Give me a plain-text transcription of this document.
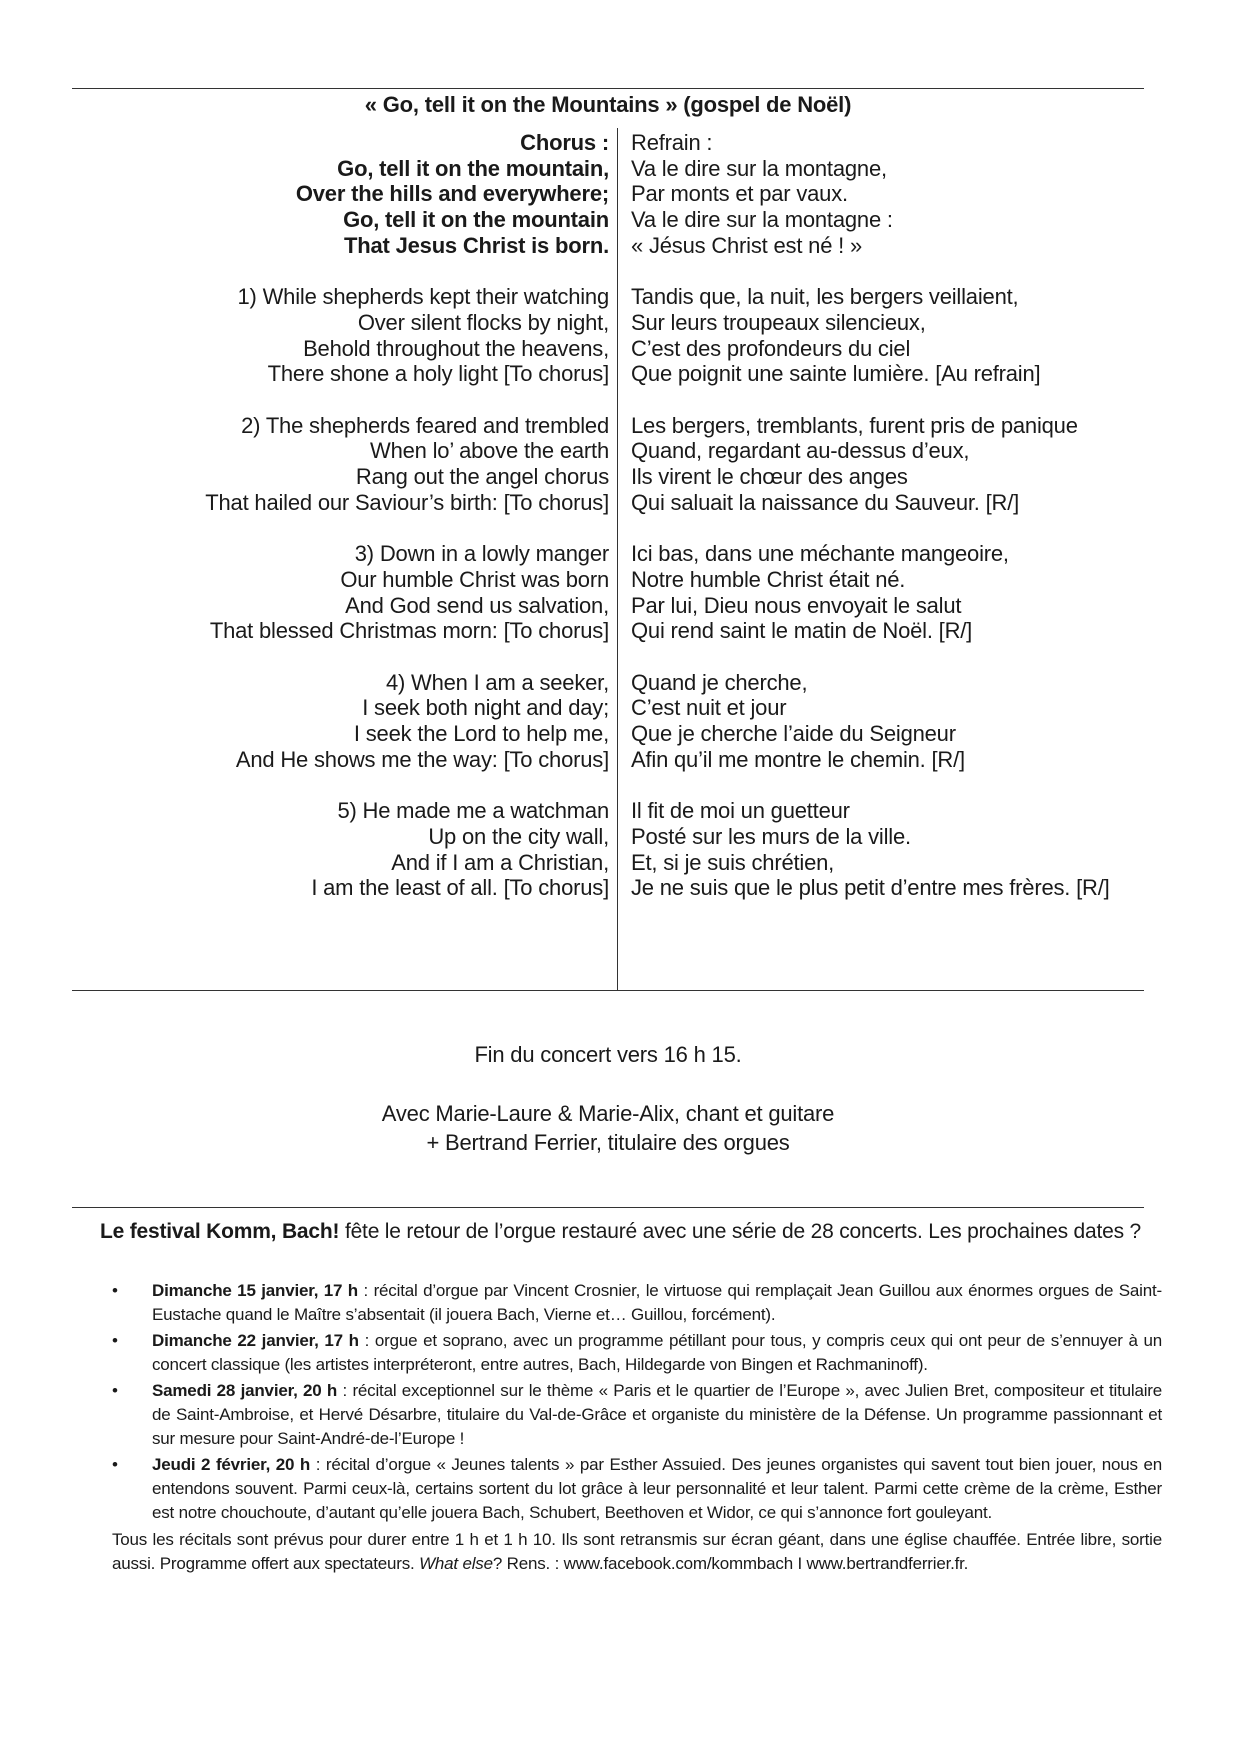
« Go, tell it on the Mountains » (gospel de Noël)
Chorus :
Go, tell it on the mountain,
Over the hills and everywhere;
Go, tell it on the mountain
That Jesus Christ is born.
Refrain :
Va le dire sur la montagne,
Par monts et par vaux.
Va le dire sur la montagne :
« Jésus Christ est né ! »
1) While shepherds kept their watching
Over silent flocks by night,
Behold throughout the heavens,
There shone a holy light [To chorus]
Tandis que, la nuit, les bergers veillaient,
Sur leurs troupeaux silencieux,
C’est des profondeurs du ciel
Que poignit une sainte lumière. [Au refrain]
2) The shepherds feared and trembled
When lo’ above the earth
Rang out the angel chorus
That hailed our Saviour’s birth: [To chorus]
Les bergers, tremblants, furent pris de panique
Quand, regardant au-dessus d’eux,
Ils virent le chœur des anges
Qui saluait la naissance du Sauveur. [R/]
3) Down in a lowly manger
Our humble Christ was born
And God send us salvation,
That blessed Christmas morn: [To chorus]
Ici bas, dans une méchante mangeoire,
Notre humble Christ était né.
Par lui, Dieu nous envoyait le salut
Qui rend saint le matin de Noël. [R/]
4) When I am a seeker,
I seek both night and day;
I seek the Lord to help me,
And He shows me the way: [To chorus]
Quand je cherche,
C’est nuit et jour
Que je cherche l’aide du Seigneur
Afin qu’il me montre le chemin. [R/]
5) He made me a watchman
Up on the city wall,
And if I am a Christian,
I am the least of all. [To chorus]
Il fit de moi un guetteur
Posté sur les murs de la ville.
Et, si je suis chrétien,
Je ne suis que le plus petit d’entre mes frères. [R/]
Fin du concert vers 16 h 15.
Avec Marie-Laure & Marie-Alix, chant et guitare
+ Bertrand Ferrier, titulaire des orgues
Le festival Komm, Bach! fête le retour de l’orgue restauré avec une série de 28 concerts. Les prochaines dates ?
• Dimanche 15 janvier, 17 h : récital d’orgue par Vincent Crosnier, le virtuose qui remplaçait Jean Guillou aux énormes orgues de Saint-Eustache quand le Maître s’absentait (il jouera Bach, Vierne et… Guillou, forcément).
• Dimanche 22 janvier, 17 h : orgue et soprano, avec un programme pétillant pour tous, y compris ceux qui ont peur de s’ennuyer à un concert classique (les artistes interpréteront, entre autres, Bach, Hildegarde von Bingen et Rachmaninoff).
• Samedi 28 janvier, 20 h : récital exceptionnel sur le thème « Paris et le quartier de l’Europe », avec Julien Bret, compositeur et titulaire de Saint-Ambroise, et Hervé Désarbre, titulaire du Val-de-Grâce et organiste du ministère de la Défense. Un programme passionnant et sur mesure pour Saint-André-de-l’Europe !
• Jeudi 2 février, 20 h : récital d’orgue « Jeunes talents » par Esther Assuied. Des jeunes organistes qui savent tout bien jouer, nous en entendons souvent. Parmi ceux-là, certains sortent du lot grâce à leur personnalité et leur talent. Parmi cette crème de la crème, Esther est notre chouchoute, d’autant qu’elle jouera Bach, Schubert, Beethoven et Widor, ce qui s’annonce fort gouleyant.
Tous les récitals sont prévus pour durer entre 1 h et 1 h 10. Ils sont retransmis sur écran géant, dans une église chauffée. Entrée libre, sortie aussi. Programme offert aux spectateurs. What else? Rens. : www.facebook.com/kommbach I www.bertrandferrier.fr.
